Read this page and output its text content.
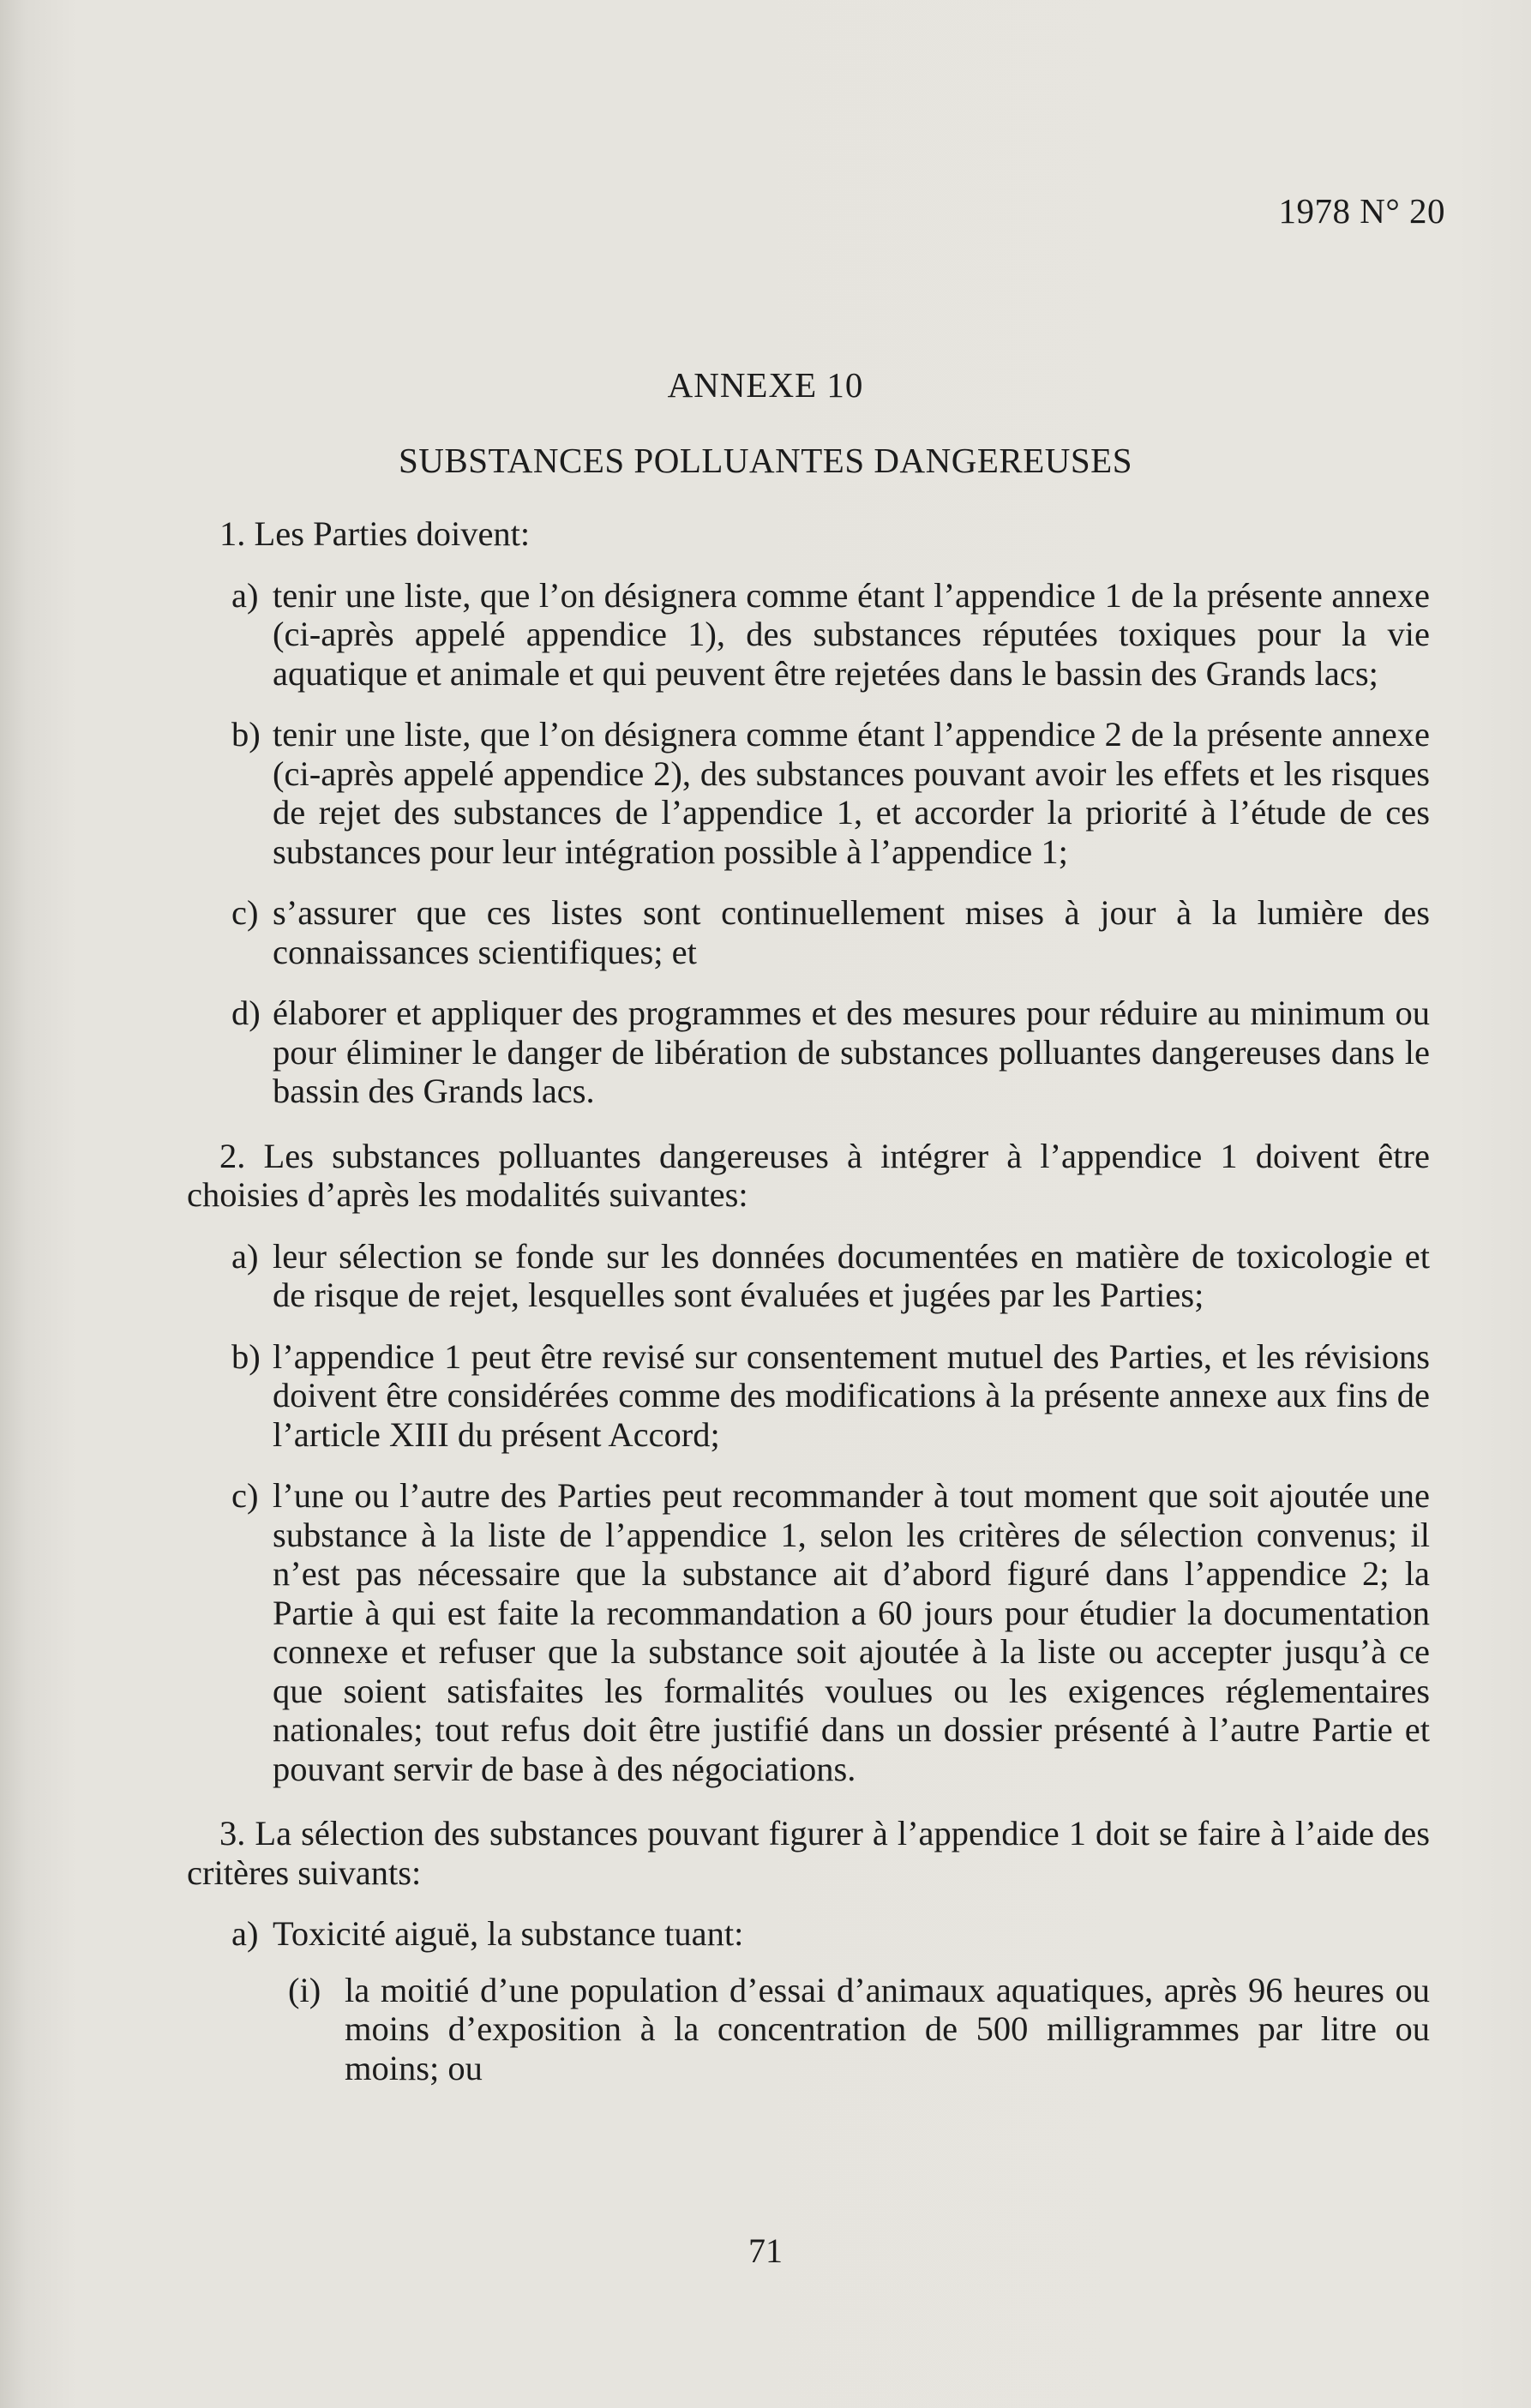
1978 N° 20
ANNEXE 10
SUBSTANCES POLLUANTES DANGEREUSES

1. Les Parties doivent:

a) tenir une liste, que l’on désignera comme étant l’appendice 1 de la présente annexe (ci-après appelé appendice 1), des substances réputées toxiques pour la vie aquatique et animale et qui peuvent être rejetées dans le bassin des Grands lacs;
b) tenir une liste, que l’on désignera comme étant l’appendice 2 de la présente annexe (ci-après appelé appendice 2), des substances pouvant avoir les effets et les risques de rejet des substances de l’appendice 1, et accorder la priorité à l’étude de ces substances pour leur intégration possible à l’appendice 1;
c) s’assurer que ces listes sont continuellement mises à jour à la lumière des connaissances scientifiques; et
d) élaborer et appliquer des programmes et des mesures pour réduire au minimum ou pour éliminer le danger de libération de substances polluantes dangereuses dans le bassin des Grands lacs.

2. Les substances polluantes dangereuses à intégrer à l’appendice 1 doivent être choisies d’après les modalités suivantes:

a) leur sélection se fonde sur les données documentées en matière de toxicologie et de risque de rejet, lesquelles sont évaluées et jugées par les Parties;
b) l’appendice 1 peut être revisé sur consentement mutuel des Parties, et les révisions doivent être considérées comme des modifications à la présente annexe aux fins de l’article XIII du présent Accord;
c) l’une ou l’autre des Parties peut recommander à tout moment que soit ajoutée une substance à la liste de l’appendice 1, selon les critères de sélection convenus; il n’est pas nécessaire que la substance ait d’abord figuré dans l’appendice 2; la Partie à qui est faite la recommandation a 60 jours pour étudier la documentation connexe et refuser que la substance soit ajoutée à la liste ou accepter jusqu’à ce que soient satisfaites les formalités voulues ou les exigences réglementaires nationales; tout refus doit être justifié dans un dossier présenté à l’autre Partie et pouvant servir de base à des négociations.

3. La sélection des substances pouvant figurer à l’appendice 1 doit se faire à l’aide des critères suivants:

a) Toxicité aiguë, la substance tuant:
(i) la moitié d’une population d’essai d’animaux aquatiques, après 96 heures ou moins d’exposition à la concentration de 500 milligrammes par litre ou moins; ou
71
